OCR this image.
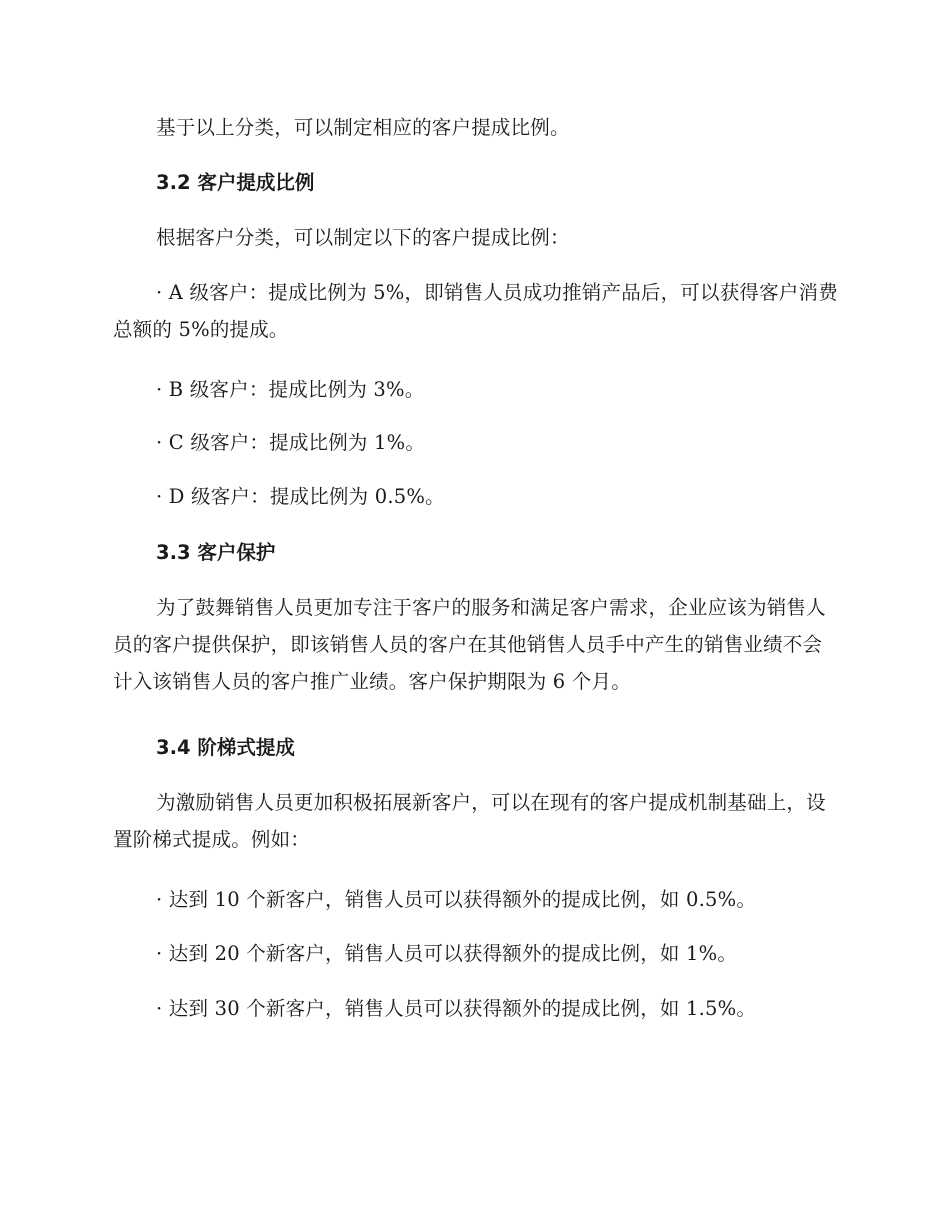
基于以上分类，可以制定相应的客户提成比例。

3.2 客户提成比例

根据客户分类，可以制定以下的客户提成比例：

· A 级客户：提成比例为 5%，即销售人员成功推销产品后，可以获得客户消费总额的 5%的提成。

· B 级客户：提成比例为 3%。

· C 级客户：提成比例为 1%。

· D 级客户：提成比例为 0.5%。

3.3 客户保护

为了鼓舞销售人员更加专注于客户的服务和满足客户需求，企业应该为销售人员的客户提供保护，即该销售人员的客户在其他销售人员手中产生的销售业绩不会计入该销售人员的客户推广业绩。客户保护期限为 6 个月。

3.4 阶梯式提成

为激励销售人员更加积极拓展新客户，可以在现有的客户提成机制基础上，设置阶梯式提成。例如：

· 达到 10 个新客户，销售人员可以获得额外的提成比例，如 0.5%。

· 达到 20 个新客户，销售人员可以获得额外的提成比例，如 1%。

· 达到 30 个新客户，销售人员可以获得额外的提成比例，如 1.5%。
